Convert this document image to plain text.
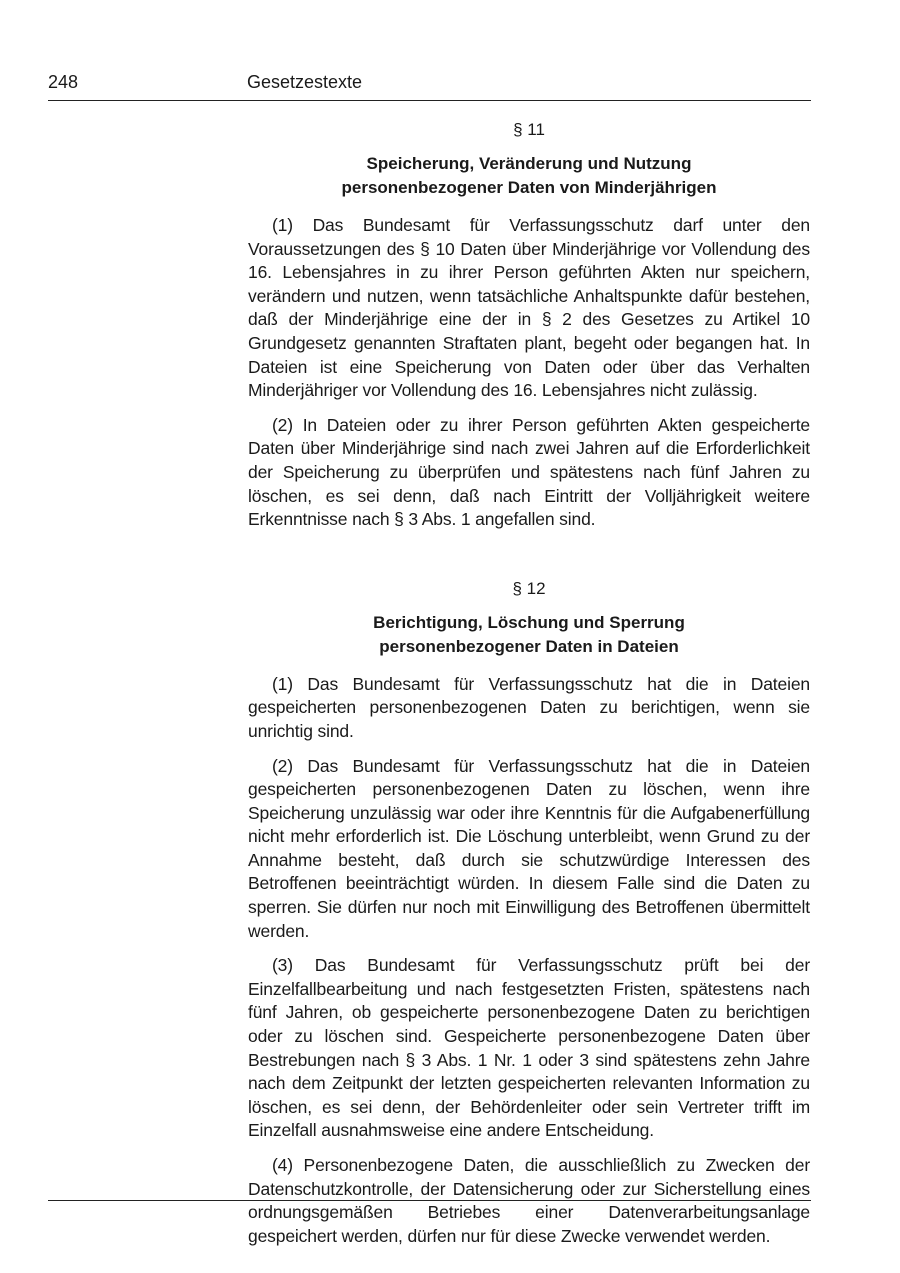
248	Gesetzestexte
§ 11
Speicherung, Veränderung und Nutzung
personenbezogener Daten von Minderjährigen

(1) Das Bundesamt für Verfassungsschutz darf unter den Voraussetzungen des § 10 Daten über Minderjährige vor Vollendung des 16. Lebensjahres in zu ihrer Person geführten Akten nur speichern, verändern und nutzen, wenn tatsächliche Anhaltspunkte dafür bestehen, daß der Minderjährige eine der in § 2 des Gesetzes zu Artikel 10 Grundgesetz genannten Straftaten plant, begeht oder begangen hat. In Dateien ist eine Speicherung von Daten oder über das Verhalten Minderjähriger vor Vollendung des 16. Lebensjahres nicht zulässig.

(2) In Dateien oder zu ihrer Person geführten Akten gespeicherte Daten über Minderjährige sind nach zwei Jahren auf die Erforderlichkeit der Speicherung zu überprüfen und spätestens nach fünf Jahren zu löschen, es sei denn, daß nach Eintritt der Volljährigkeit weitere Erkenntnisse nach § 3 Abs. 1 angefallen sind.

§ 12
Berichtigung, Löschung und Sperrung
personenbezogener Daten in Dateien

(1) Das Bundesamt für Verfassungsschutz hat die in Dateien gespeicherten personenbezogenen Daten zu berichtigen, wenn sie unrichtig sind.

(2) Das Bundesamt für Verfassungsschutz hat die in Dateien gespeicherten personenbezogenen Daten zu löschen, wenn ihre Speicherung unzulässig war oder ihre Kenntnis für die Aufgabenerfüllung nicht mehr erforderlich ist. Die Löschung unterbleibt, wenn Grund zu der Annahme besteht, daß durch sie schutzwürdige Interessen des Betroffenen beeinträchtigt würden. In diesem Falle sind die Daten zu sperren. Sie dürfen nur noch mit Einwilligung des Betroffenen übermittelt werden.

(3) Das Bundesamt für Verfassungsschutz prüft bei der Einzelfallbearbeitung und nach festgesetzten Fristen, spätestens nach fünf Jahren, ob gespeicherte personenbezogene Daten zu berichtigen oder zu löschen sind. Gespeicherte personenbezogene Daten über Bestrebungen nach § 3 Abs. 1 Nr. 1 oder 3 sind spätestens zehn Jahre nach dem Zeitpunkt der letzten gespeicherten relevanten Information zu löschen, es sei denn, der Behördenleiter oder sein Vertreter trifft im Einzelfall ausnahmsweise eine andere Entscheidung.

(4) Personenbezogene Daten, die ausschließlich zu Zwecken der Datenschutzkontrolle, der Datensicherung oder zur Sicherstellung eines ordnungsgemäßen Betriebes einer Datenverarbeitungsanlage gespeichert werden, dürfen nur für diese Zwecke verwendet werden.
